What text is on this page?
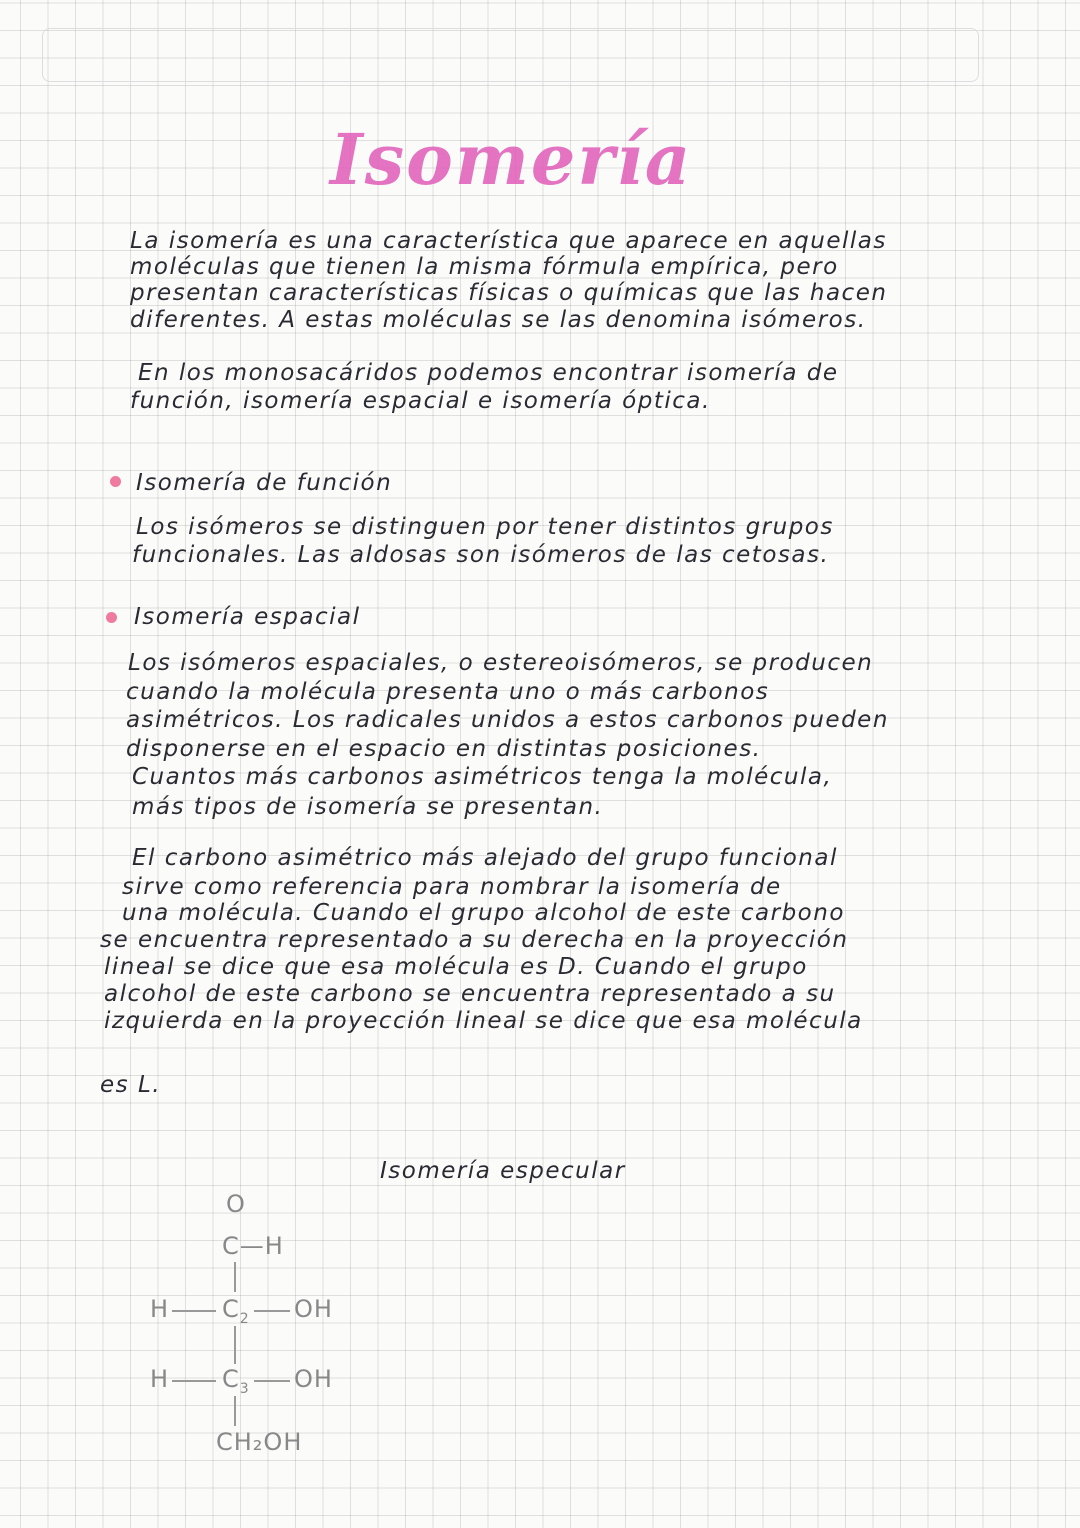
Isomería
La isomería es una característica que aparece en aquellas
moléculas que tienen la misma fórmula empírica, pero
presentan características físicas o químicas que las hacen
diferentes. A estas moléculas se las denomina isómeros.
En los monosacáridos podemos encontrar isomería de
función, isomería espacial e isomería óptica.
Isomería de función
Los isómeros se distinguen por tener distintos grupos
funcionales. Las aldosas son isómeros de las cetosas.
Isomería espacial
Los isómeros espaciales, o estereoisómeros, se producen
cuando la molécula presenta uno o más carbonos
asimétricos. Los radicales unidos a estos carbonos pueden
disponerse en el espacio en distintas posiciones.
Cuantos más carbonos asimétricos tenga la molécula,
más tipos de isomería se presentan.
El carbono asimétrico más alejado del grupo funcional
sirve como referencia para nombrar la isomería de
una molécula. Cuando el grupo alcohol de este carbono
se encuentra representado a su derecha en la proyección
lineal se dice que esa molécula es D. Cuando el grupo
alcohol de este carbono se encuentra representado a su
izquierda en la proyección lineal se dice que esa molécula
es L.
Isomería especular
O
C—H
H $C_2$ OH
H $C_3$ OH
CH₂OH
